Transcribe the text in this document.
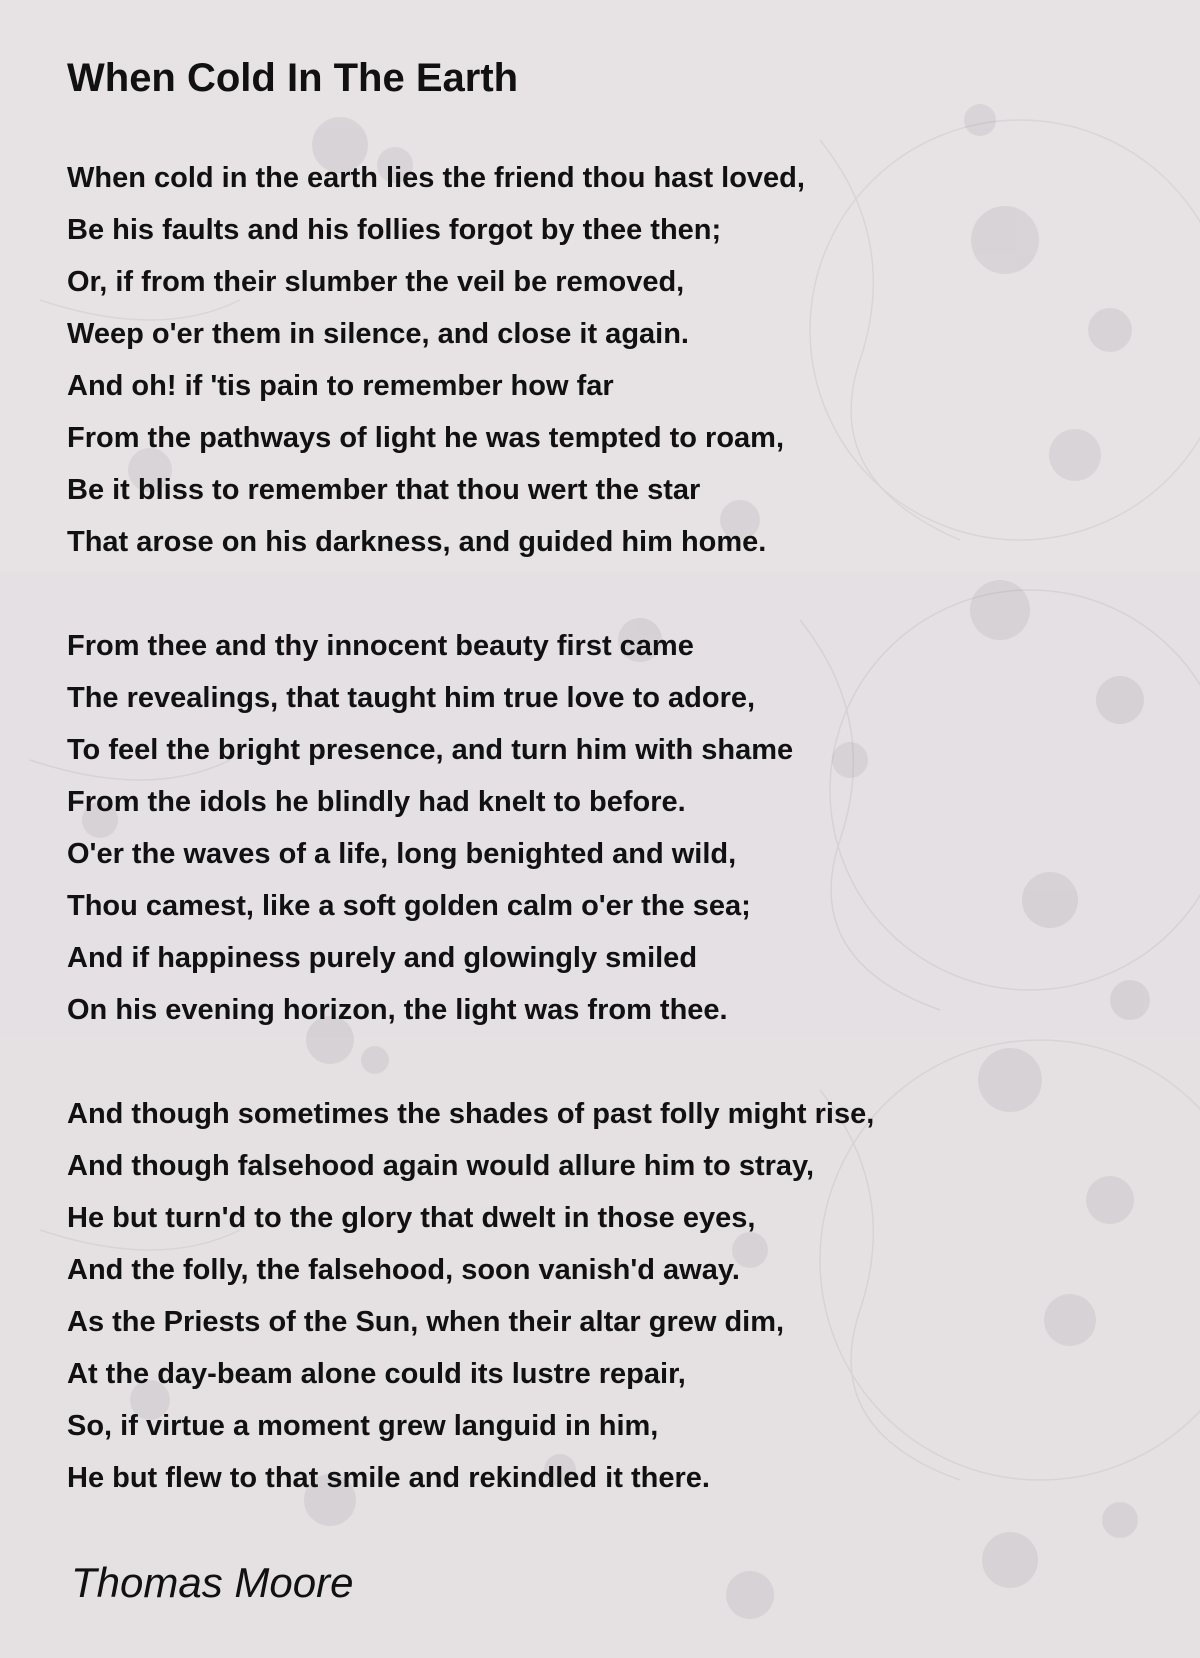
When Cold In The Earth
When cold in the earth lies the friend thou hast loved,
Be his faults and his follies forgot by thee then;
Or, if from their slumber the veil be removed,
Weep o'er them in silence, and close it again.
And oh! if 'tis pain to remember how far
From the pathways of light he was tempted to roam,
Be it bliss to remember that thou wert the star
That arose on his darkness, and guided him home.
From thee and thy innocent beauty first came
The revealings, that taught him true love to adore,
To feel the bright presence, and turn him with shame
From the idols he blindly had knelt to before.
O'er the waves of a life, long benighted and wild,
Thou camest, like a soft golden calm o'er the sea;
And if happiness purely and glowingly smiled
On his evening horizon, the light was from thee.
And though sometimes the shades of past folly might rise,
And though falsehood again would allure him to stray,
He but turn'd to the glory that dwelt in those eyes,
And the folly, the falsehood, soon vanish'd away.
As the Priests of the Sun, when their altar grew dim,
At the day-beam alone could its lustre repair,
So, if virtue a moment grew languid in him,
He but flew to that smile and rekindled it there.

Thomas Moore
